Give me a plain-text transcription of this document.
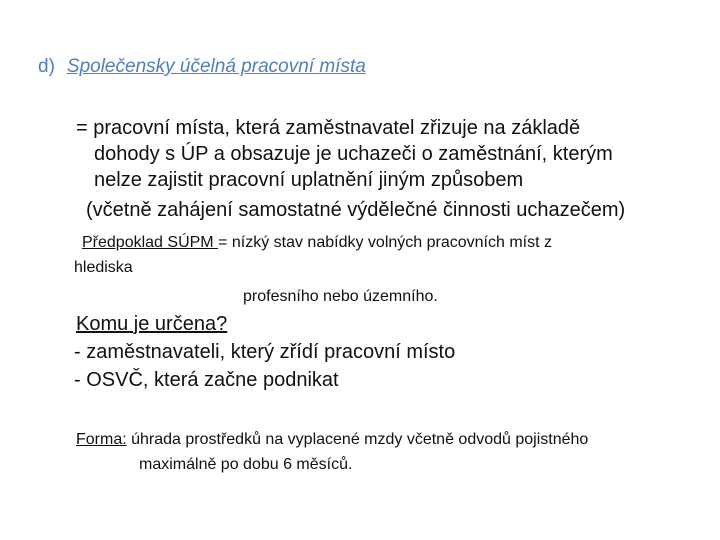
d) Společensky účelná pracovní místa
= pracovní místa, která zaměstnavatel zřizuje na základě
dohody s ÚP a obsazuje je uchazeči o zaměstnání, kterým
nelze zajistit pracovní uplatnění jiným způsobem
(včetně zahájení samostatné výdělečné činnosti uchazečem)
Předpoklad SÚPM = nízký stav nabídky volných pracovních míst z
hlediska
profesního nebo územního.
Komu je určena?
- zaměstnavateli, který zřídí pracovní místo
- OSVČ, která začne podnikat
Forma: úhrada prostředků na vyplacené mzdy včetně odvodů pojistného
maximálně po dobu 6 měsíců.
